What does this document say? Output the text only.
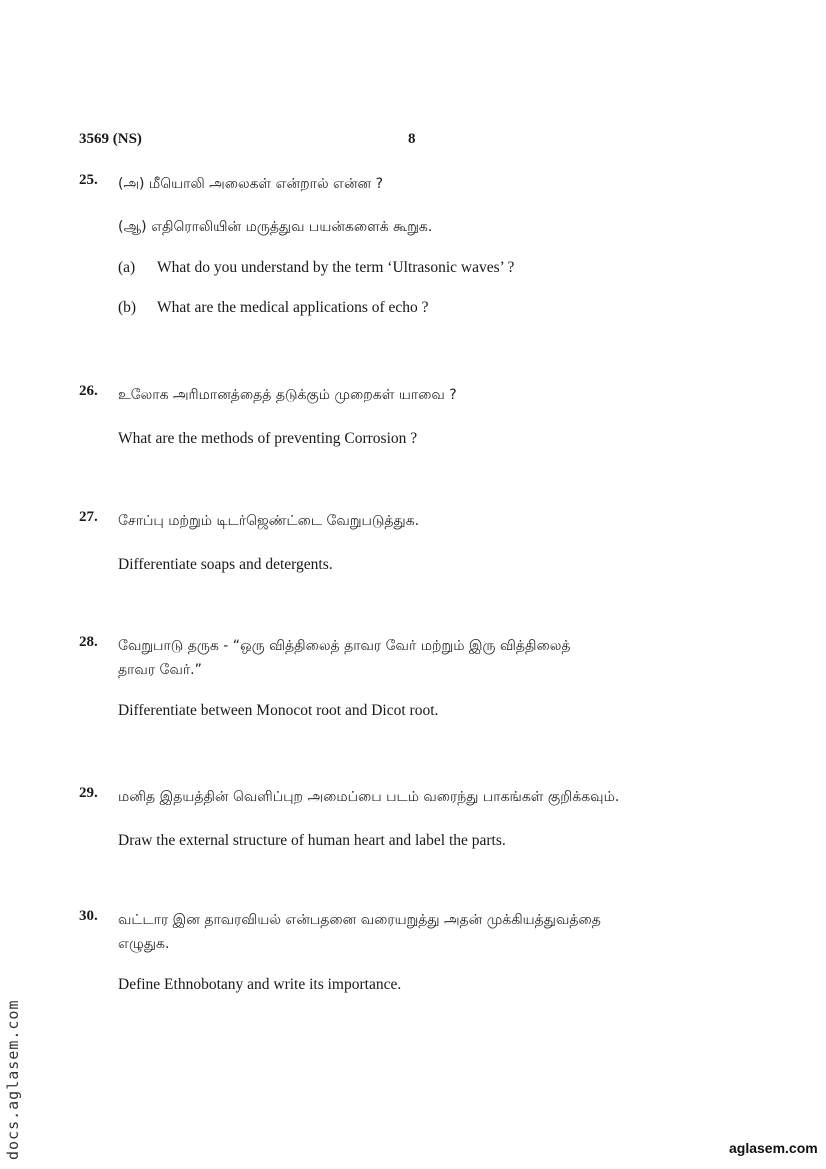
3569 (NS)	8
25. (அ) மீயொலி அலைகள் என்றால் என்ன ?
(ஆ) எதிரொலியின் மருத்துவ பயன்களைக் கூறுக.
(a)	What do you understand by the term ‘Ultrasonic waves’ ?
(b)	What are the medical applications of echo ?
26. உலோக அரிமானத்தைத் தடுக்கும் முறைகள் யாவை ?
What are the methods of preventing Corrosion ?
27. சோப்பு மற்றும் டிடர்ஜெண்ட்டை வேறுபடுத்துக.
Differentiate soaps and detergents.
28. வேறுபாடு தருக - “ஒரு வித்திலைத் தாவர வேர் மற்றும் இரு வித்திலைத்
தாவர வேர்.”
Differentiate between Monocot root and Dicot root.
29. மனித இதயத்தின் வெளிப்புற அமைப்பை படம் வரைந்து பாகங்கள் குறிக்கவும்.
Draw the external structure of human heart and label the parts.
30. வட்டார இன தாவரவியல் என்பதனை வரையறுத்து அதன் முக்கியத்துவத்தை
எழுதுக.
Define Ethnobotany and write its importance.
docs.aglasem.com	aglasem.com
